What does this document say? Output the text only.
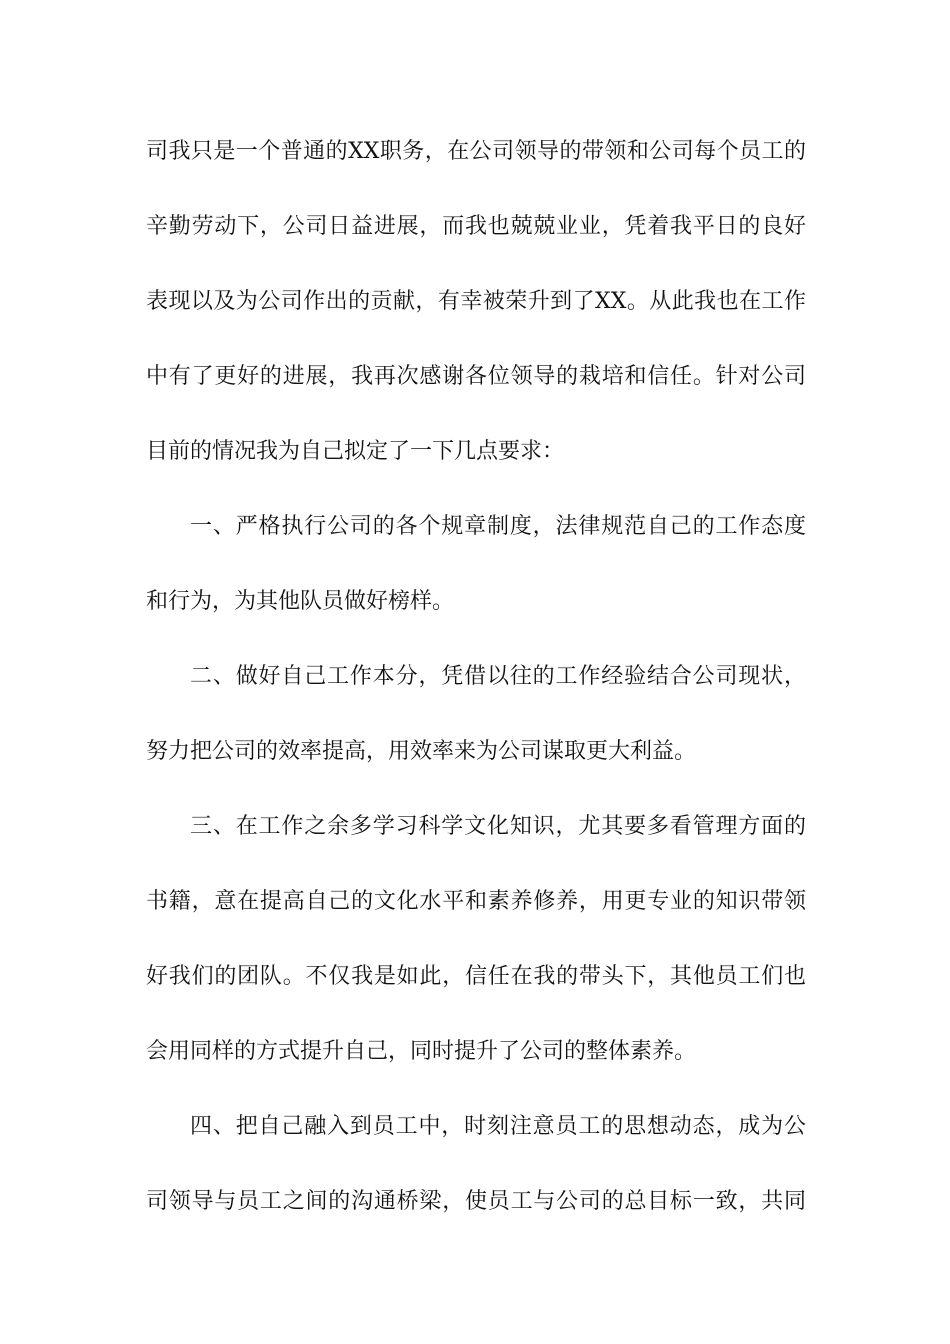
司我只是一个普通的XX职务，在公司领导的带领和公司每个员工的
辛勤劳动下，公司日益进展，而我也兢兢业业，凭着我平日的良好
表现以及为公司作出的贡献，有幸被荣升到了XX。从此我也在工作
中有了更好的进展，我再次感谢各位领导的栽培和信任。针对公司
目前的情况我为自己拟定了一下几点要求：
一、严格执行公司的各个规章制度，法律规范自己的工作态度
和行为，为其他队员做好榜样。
二、做好自己工作本分，凭借以往的工作经验结合公司现状，
努力把公司的效率提高，用效率来为公司谋取更大利益。
三、在工作之余多学习科学文化知识，尤其要多看管理方面的
书籍，意在提高自己的文化水平和素养修养，用更专业的知识带领
好我们的团队。不仅我是如此，信任在我的带头下，其他员工们也
会用同样的方式提升自己，同时提升了公司的整体素养。
四、把自己融入到员工中，时刻注意员工的思想动态，成为公
司领导与员工之间的沟通桥梁，使员工与公司的总目标一致，共同
